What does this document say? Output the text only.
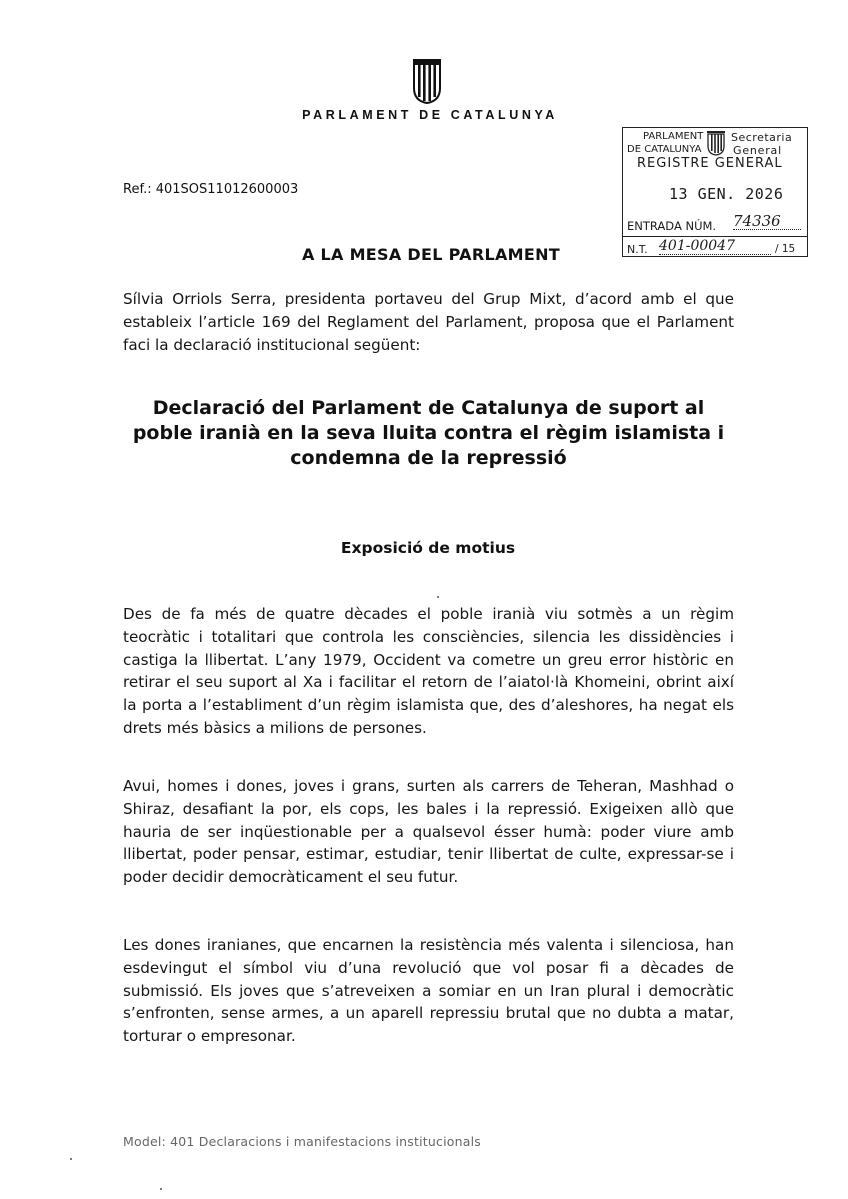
PARLAMENT DE CATALUNYA
PARLAMENT
DE CATALUNYA
Secretaria
General
REGISTRE GENERAL
13 GEN. 2026
ENTRADA NÚM. 74336
N.T. 401-00047	/ 15
Ref.: 401SOS11012600003
A LA MESA DEL PARLAMENT
Sílvia Orriols Serra, presidenta portaveu del Grup Mixt, d’acord amb el que estableix l’article 169 del Reglament del Parlament, proposa que el Parlament faci la declaració institucional següent:
Declaració del Parlament de Catalunya de suport al poble iranià en la seva lluita contra el règim islamista i condemna de la repressió
Exposició de motius
Des de fa més de quatre dècades el poble iranià viu sotmès a un règim teocràtic i totalitari que controla les consciències, silencia les dissidències i castiga la llibertat. L’any 1979, Occident va cometre un greu error històric en retirar el seu suport al Xa i facilitar el retorn de l’aiatol·là Khomeini, obrint així la porta a l’establiment d’un règim islamista que, des d’aleshores, ha negat els drets més bàsics a milions de persones.
Avui, homes i dones, joves i grans, surten als carrers de Teheran, Mashhad o Shiraz, desafiant la por, els cops, les bales i la repressió. Exigeixen allò que hauria de ser inqüestionable per a qualsevol ésser humà: poder viure amb llibertat, poder pensar, estimar, estudiar, tenir llibertat de culte, expressar-se i poder decidir democràticament el seu futur.
Les dones iranianes, que encarnen la resistència més valenta i silenciosa, han esdevingut el símbol viu d’una revolució que vol posar fi a dècades de submissió. Els joves que s’atreveixen a somiar en un Iran plural i democràtic s’enfronten, sense armes, a un aparell repressiu brutal que no dubta a matar, torturar o empresonar.
Model: 401 Declaracions i manifestacions institucionals
